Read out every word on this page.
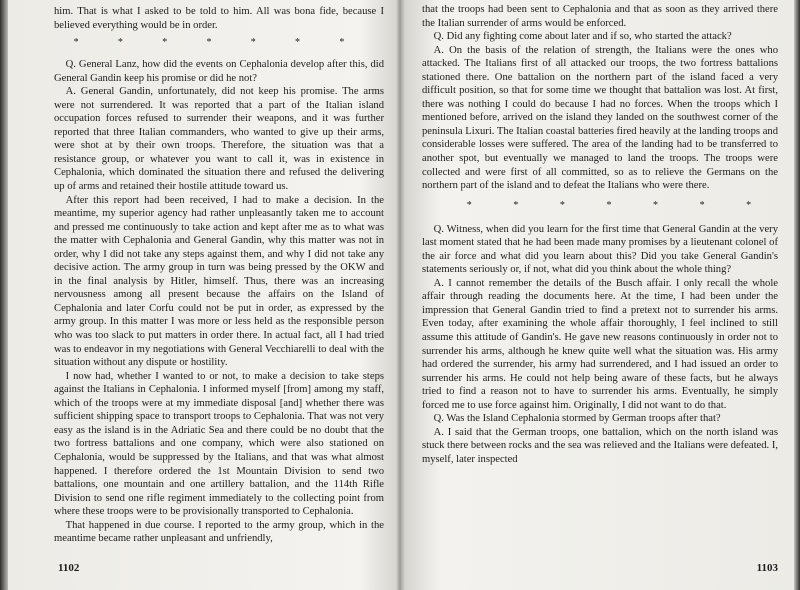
him. That is what I asked to be told to him. All was bona fide, because I believed everything would be in order.

*	*	*	*	*	*	*

Q. General Lanz, how did the events on Cephalonia develop after this, did General Gandin keep his promise or did he not?

A. General Gandin, unfortunately, did not keep his promise. The arms were not surrendered. It was reported that a part of the Italian island occupation forces refused to surrender their weapons, and it was further reported that three Italian commanders, who wanted to give up their arms, were shot at by their own troops. Therefore, the situation was that a resistance group, or whatever you want to call it, was in existence in Cephalonia, which dominated the situation there and refused the delivering up of arms and retained their hostile attitude toward us.

After this report had been received, I had to make a decision. In the meantime, my superior agency had rather unpleasantly taken me to account and pressed me continuously to take action and kept after me as to what was the matter with Cephalonia and General Gandin, why this matter was not in order, why I did not take any steps against them, and why I did not take any decisive action. The army group in turn was being pressed by the OKW and in the final analysis by Hitler, himself. Thus, there was an increasing nervousness among all present because the affairs on the Island of Cephalonia and later Corfu could not be put in order, as expressed by the army group. In this matter I was more or less held as the responsible person who was too slack to put matters in order there. In actual fact, all I had tried was to endeavor in my negotiations with General Vecchiarelli to deal with the situation without any dispute or hostility.

I now had, whether I wanted to or not, to make a decision to take steps against the Italians in Cephalonia. I informed myself [from] among my staff, which of the troops were at my immediate disposal [and] whether there was sufficient shipping space to transport troops to Cephalonia. That was not very easy as the island is in the Adriatic Sea and there could be no doubt that the two fortress battalions and one company, which were also stationed on Cephalonia, would be suppressed by the Italians, and that was what almost happened. I therefore ordered the 1st Mountain Division to send two battalions, one mountain and one artillery battalion, and the 114th Rifle Division to send one rifle regiment immediately to the collecting point from where these troops were to be provisionally transported to Cephalonia.

That happened in due course. I reported to the army group, which in the meantime became rather unpleasant and unfriendly,

1102

that the troops had been sent to Cephalonia and that as soon as they arrived there the Italian surrender of arms would be enforced.

Q. Did any fighting come about later and if so, who started the attack?

A. On the basis of the relation of strength, the Italians were the ones who attacked. The Italians first of all attacked our troops, the two fortress battalions stationed there. One battalion on the northern part of the island faced a very difficult position, so that for some time we thought that battalion was lost. At first, there was nothing I could do because I had no forces. When the troops which I mentioned before, arrived on the island they landed on the southwest corner of the peninsula Lixuri. The Italian coastal batteries fired heavily at the landing troops and considerable losses were suffered. The area of the landing had to be transferred to another spot, but eventually we managed to land the troops. The troops were collected and were first of all committed, so as to relieve the Germans on the northern part of the island and to defeat the Italians who were there.

*	*	*	*	*	*	*

Q. Witness, when did you learn for the first time that General Gandin at the very last moment stated that he had been made many promises by a lieutenant colonel of the air force and what did you learn about this? Did you take General Gandin's statements seriously or, if not, what did you think about the whole thing?

A. I cannot remember the details of the Busch affair. I only recall the whole affair through reading the documents here. At the time, I had been under the impression that General Gandin tried to find a pretext not to surrender his arms. Even today, after examining the whole affair thoroughly, I feel inclined to still assume this attitude of Gandin's. He gave new reasons continuously in order not to surrender his arms, although he knew quite well what the situation was. His army had ordered the surrender, his army had surrendered, and I had issued an order to surrender his arms. He could not help being aware of these facts, but he always tried to find a reason not to have to surrender his arms. Eventually, he simply forced me to use force against him. Originally, I did not want to do that.

Q. Was the Island Cephalonia stormed by German troops after that?

A. I said that the German troops, one battalion, which on the north island was stuck there between rocks and the sea was relieved and the Italians were defeated. I, myself, later inspected

1103
